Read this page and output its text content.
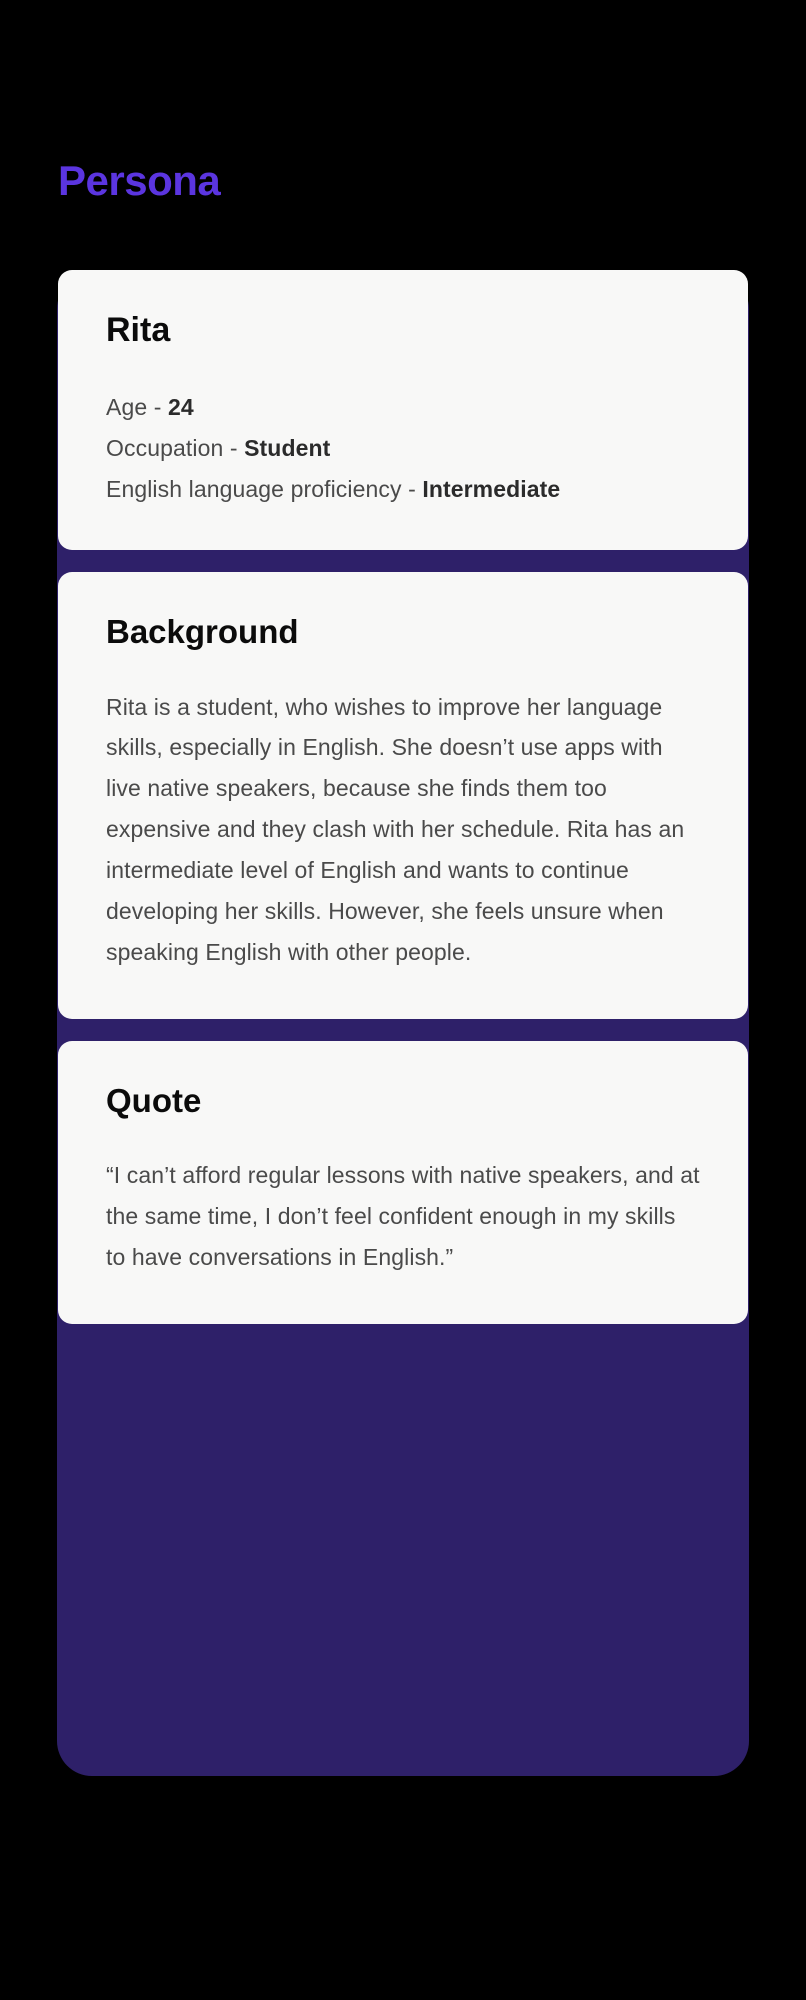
Persona
Rita
Age - 24
Occupation - Student
English language proficiency - Intermediate
Background

Rita is a student, who wishes to improve her language skills, especially in English. She doesn’t use apps with live native speakers, because she finds them too expensive and they clash with her schedule. Rita has an intermediate level of English and wants to continue developing her skills. However, she feels unsure when speaking English with other people.

Quote

“I can’t afford regular lessons with native speakers, and at the same time, I don’t feel confident enough in my skills to have conversations in English.”
